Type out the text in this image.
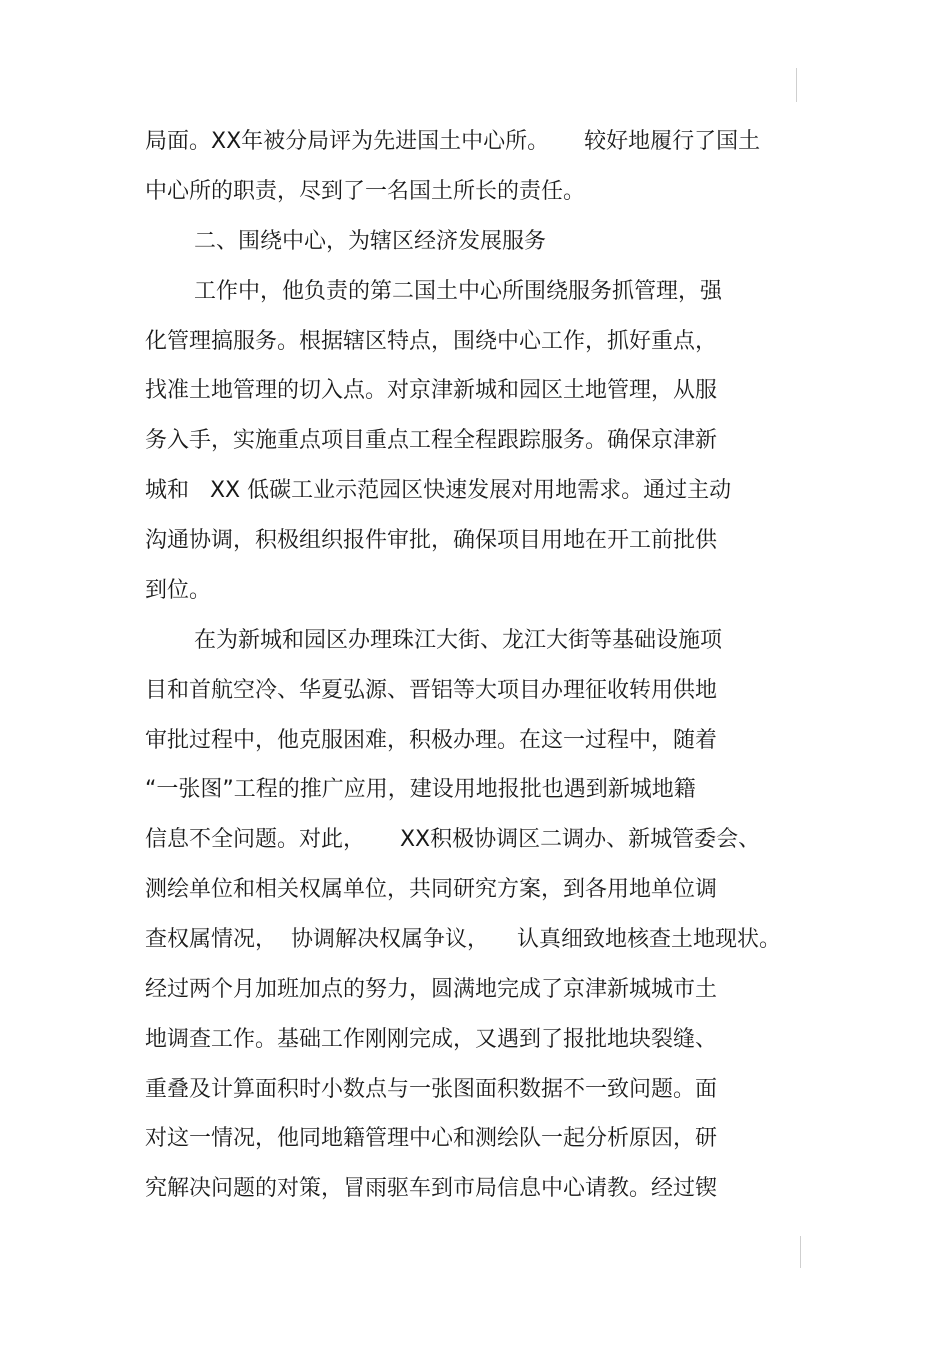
局面。XX年被分局评为先进国土中心所。     较好地履行了国土
中心所的职责，尽到了一名国土所长的责任。
二、围绕中心，为辖区经济发展服务
工作中，他负责的第二国土中心所围绕服务抓管理，强
化管理搞服务。根据辖区特点，围绕中心工作，抓好重点，
找准土地管理的切入点。对京津新城和园区土地管理，从服
务入手，实施重点项目重点工程全程跟踪服务。确保京津新
城和   XX 低碳工业示范园区快速发展对用地需求。通过主动
沟通协调，积极组织报件审批，确保项目用地在开工前批供
到位。
在为新城和园区办理珠江大街、龙江大街等基础设施项
目和首航空冷、华夏弘源、晋铝等大项目办理征收转用供地
审批过程中，他克服困难，积极办理。在这一过程中，随着
“一张图”工程的推广应用，建设用地报批也遇到新城地籍
信息不全问题。对此，     XX积极协调区二调办、新城管委会、
测绘单位和相关权属单位，共同研究方案，到各用地单位调
查权属情况，  协调解决权属争议，    认真细致地核查土地现状。
经过两个月加班加点的努力，圆满地完成了京津新城城市土
地调查工作。基础工作刚刚完成，又遇到了报批地块裂缝、
重叠及计算面积时小数点与一张图面积数据不一致问题。面
对这一情况，他同地籍管理中心和测绘队一起分析原因，研
究解决问题的对策，冒雨驱车到市局信息中心请教。经过锲
